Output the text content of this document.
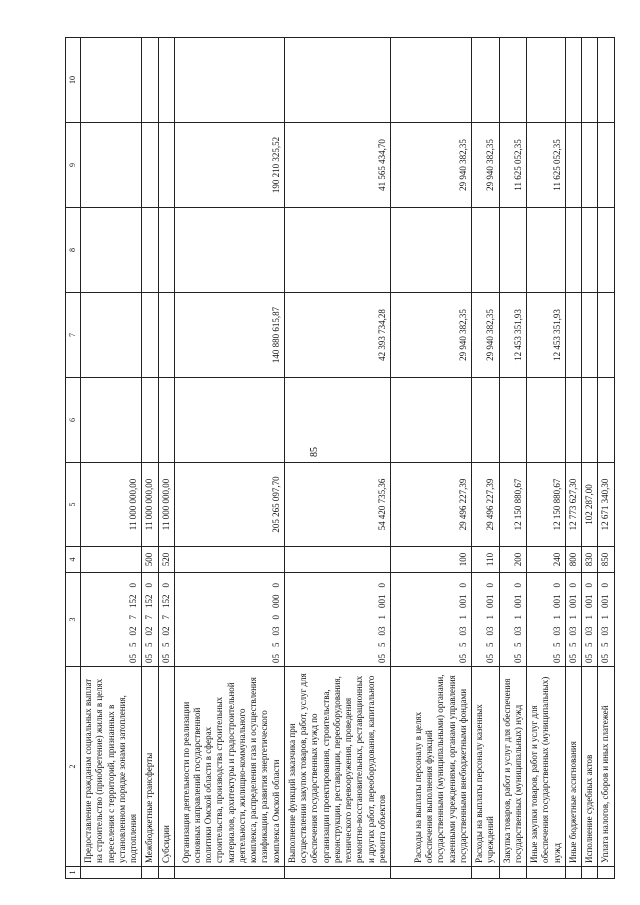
85
1	2	3	4	5	6	7	8	9	10
	Предоставление гражданам социальных выплат на строительство (приобретение) жилья в целях переселения с территорий, признанных в установленном порядке зонами затопления, подтопления	0550271520		11 000 000,00					
	Межбюджетные трансферты	0550271520	500	11 000 000,00					
	Субсидии	0550271520	520	11 000 000,00					
	Организация деятельности по реализации основных направлений государственной политики Омской области в сферах строительства, производства строительных материалов, архитектуры и градостроительной деятельности, жилищно-коммунального комплекса, распределения газа и осуществления газификации, развития энергетического комплекса Омской области	0550300000		205 265 097,70		140 880 615,87		190 210 325,52	
	Выполнение функций заказчика при осуществлении закупок товаров, работ, услуг для обеспечения государственных нужд по организации проектирования, строительства, реконструкции, реставрации, переоборудования, технического перевооружения, проведения ремонтно-восстановительных, реставрационных и других работ, переоборудования, капитального ремонта объектов	0550310010		54 420 735,36		42 393 734,28		41 565 434,70	
	Расходы на выплаты персоналу в целях обеспечения выполнения функций государственными (муниципальными) органами, казенными учреждениями, органами управления государственными внебюджетными фондами	0550310010	100	29 496 227,39		29 940 382,35		29 940 382,35	
	Расходы на выплаты персоналу казенных учреждений	0550310010	110	29 496 227,39		29 940 382,35		29 940 382,35	
	Закупка товаров, работ и услуг для обеспечения государственных (муниципальных) нужд	0550310010	200	12 150 880,67		12 453 351,93		11 625 052,35	
	Иные закупки товаров, работ и услуг для обеспечения государственных (муниципальных) нужд	0550310010	240	12 150 880,67		12 453 351,93		11 625 052,35	
	Иные бюджетные ассигнования	0550310010	800	12 773 627,30					
	Исполнение судебных актов	0550310010	830	102 287,00					
	Уплата налогов, сборов и иных платежей	0550310010	850	12 671 340,30					
